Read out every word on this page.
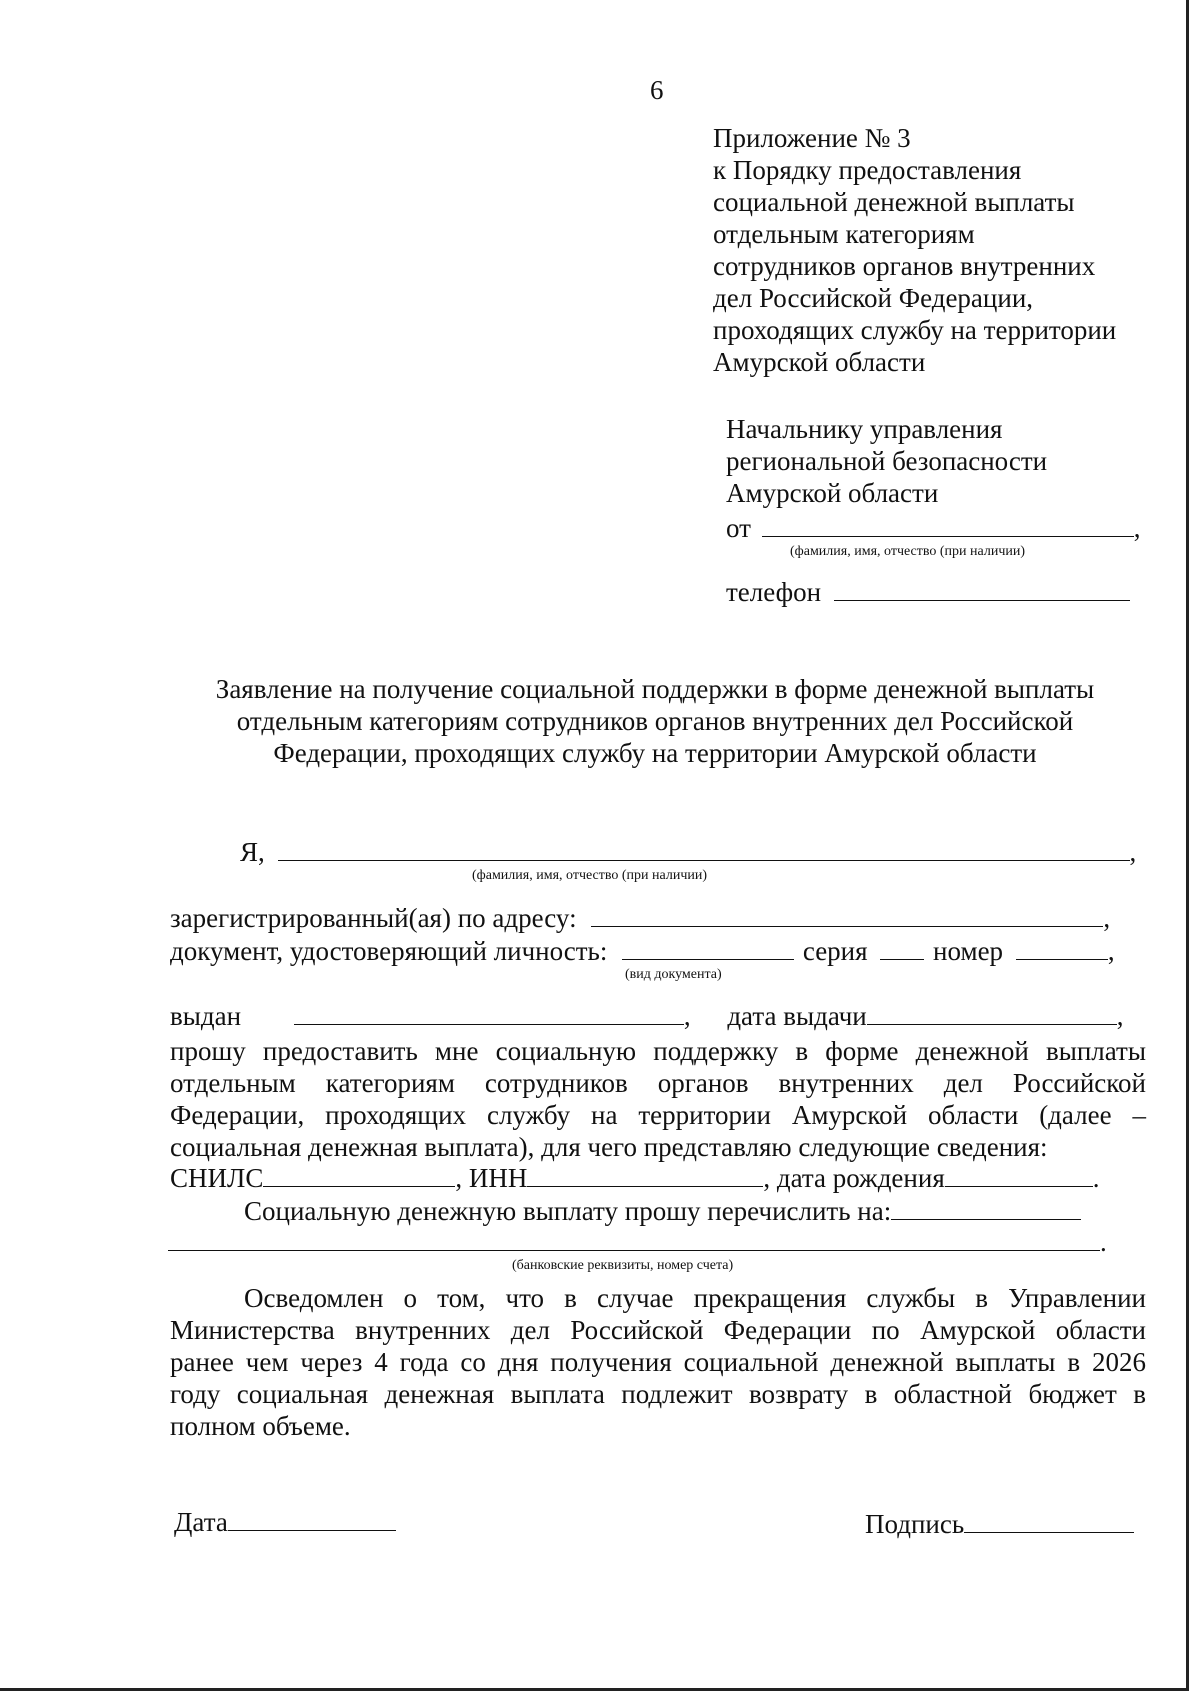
6
Приложение № 3
к Порядку предоставления
социальной денежной выплаты
отдельным категориям
сотрудников органов внутренних
дел Российской Федерации,
проходящих службу на территории
Амурской области
Начальнику управления
региональной безопасности
Амурской области
от	,
(фамилия, имя, отчество (при наличии)
телефон
Заявление на получение социальной поддержки в форме денежной выплаты
отдельным категориям сотрудников органов внутренних дел Российской
Федерации, проходящих службу на территории Амурской области
Я,	,
(фамилия, имя, отчество (при наличии)
зарегистрированный(ая) по адресу:	,
документ, удостоверяющий личность:	серия номер	,
(вид документа)
выдан	, дата выдачи	,
прошу предоставить мне социальную поддержку в форме денежной выплаты
отдельным категориям сотрудников органов внутренних дел Российской
Федерации, проходящих службу на территории Амурской области (далее –
социальная денежная выплата), для чего представляю следующие сведения:
СНИЛС	, ИНН	, дата рождения	.
Социальную денежную выплату прошу перечислить на:
.
(банковские реквизиты, номер счета)
Осведомлен о том, что в случае прекращения службы в Управлении
Министерства внутренних дел Российской Федерации по Амурской области
ранее чем через 4 года со дня получения социальной денежной выплаты в 2026
году социальная денежная выплата подлежит возврату в областной бюджет в
полном объеме.
Дата	Подпись
